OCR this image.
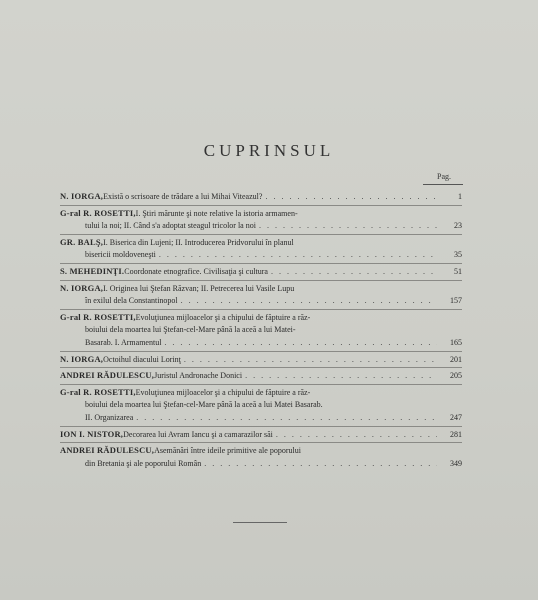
CUPRINSUL
Pag.
N. IORGA, Există o scrisoare de trădare a lui Mihai Viteazul? . . .	1
G-ral R. ROSETTI, I. Ştiri mărunte şi note relative la istoria armamen-
tului la noi; II. Când s'a adoptat steagul tricolor la noi . . .	23
GR. BALŞ, I. Biserica din Lujeni; II. Introducerea Pridvorului în planul
bisericii moldoveneşti . . .	35
S. MEHEDINŢI. Coordonate etnografice. Civilisaţia şi cultura . . .	51
N. IORGA, I. Originea lui Ştefan Răzvan; II. Petrecerea lui Vasile Lupu
în exilul dela Constantinopol . . .	157
G-ral R. ROSETTI, Evoluţiunea mijloacelor şi a chipului de făptuire a răz-
boiului dela moartea lui Ştefan-cel-Mare până la aceă a lui Matei-
Basarab. I. Armamentul . . .	165
N. IORGA, Octoihul diacului Lorinţ . . .	201
ANDREI RĂDULESCU, Juristul Andronache Donici . . .	205
G-ral R. ROSETTI, Evoluţiunea mijloacelor şi a chipului de făptuire a răz-
boiului dela moartea lui Ştefan-cel-Mare până la aceă a lui Matei Basarab.
II. Organizarea . . .	247
ION I. NISTOR, Decorarea lui Avram Iancu şi a camarazilor săi . . .	281
ANDREI RĂDULESCU, Asemănări între ideile primitive ale poporului
din Bretania şi ale poporului Român . . .	349
